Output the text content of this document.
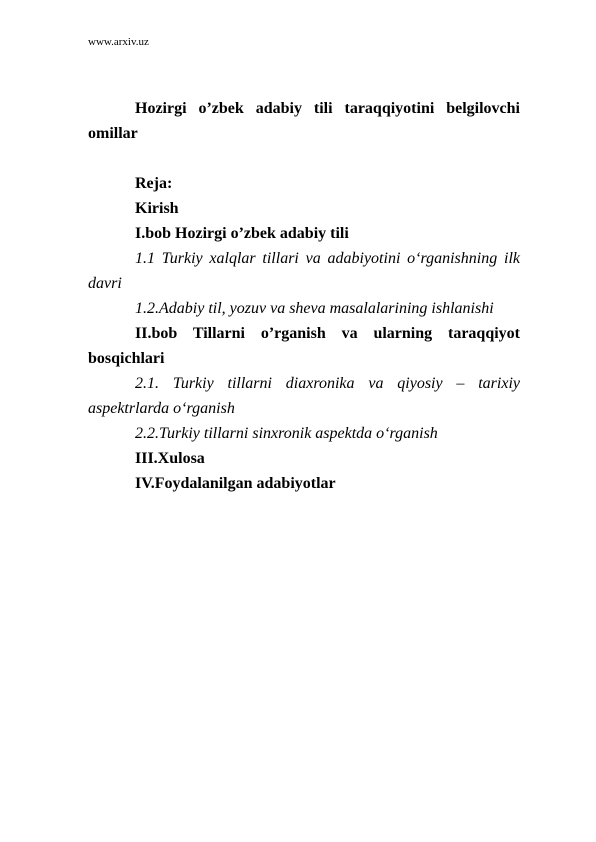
www.arxiv.uz

Hozirgi o’zbek adabiy tili taraqqiyotini belgilovchi omillar

Reja:

Kirish

I.bob Hozirgi o’zbek adabiy tili

1.1 Turkiy xalqlar tillari va adabiyotini o‘rganishning ilk davri

1.2.Adabiy til, yozuv va sheva masalalarining ishlanishi

II.bob Tillarni o’rganish va ularning taraqqiyot bosqichlari

2.1. Turkiy tillarni diaxronika va qiyosiy – tarixiy aspektrlarda o‘rganish

2.2.Turkiy tillarni sinxronik aspektda o‘rganish

III.Xulosa

IV.Foydalanilgan adabiyotlar
